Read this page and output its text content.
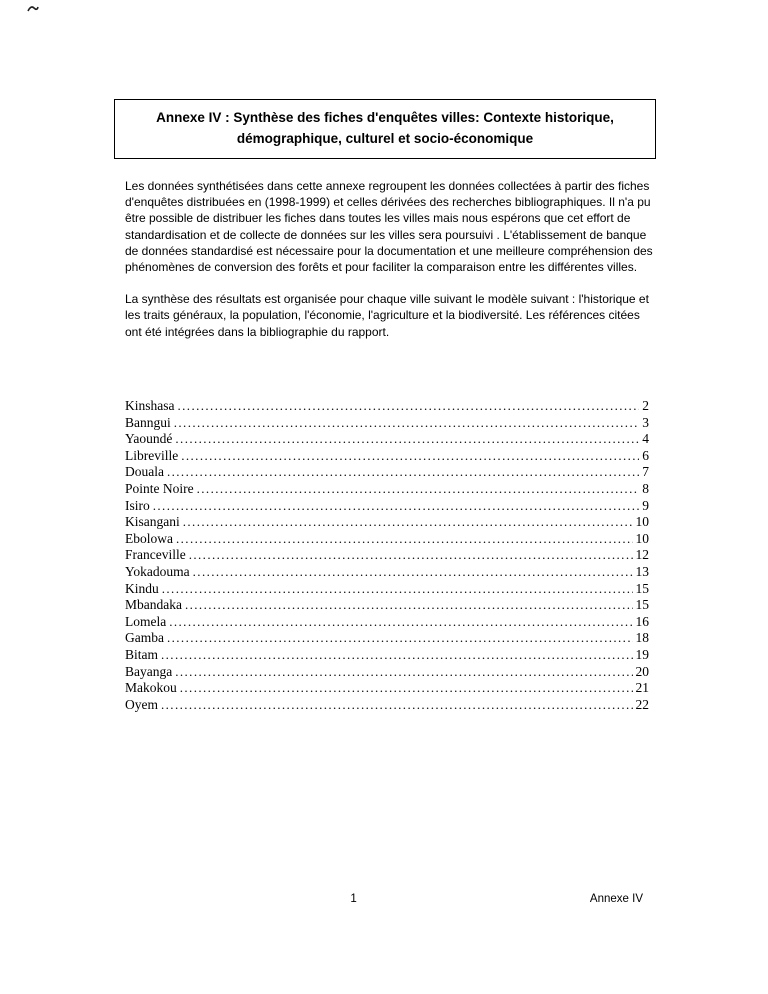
Annexe IV : Synthèse des fiches d'enquêtes villes: Contexte historique,
démographique, culturel et socio-économique

Les données synthétisées dans cette annexe regroupent les données collectées à partir des fiches d'enquêtes distribuées en (1998-1999) et celles dérivées des recherches bibliographiques. Il n'a pu être possible de distribuer les fiches dans toutes les villes mais nous espérons que cet effort de standardisation et de collecte de données sur les villes sera poursuivi . L'établissement de banque de données standardisé est nécessaire pour la documentation et une meilleure compréhension des phénomènes de conversion des forêts et pour faciliter la comparaison entre les différentes villes.

La synthèse des résultats est organisée pour chaque ville suivant le modèle suivant : l'historique et les traits généraux, la population, l'économie, l'agriculture et la biodiversité. Les références citées ont été intégrées dans la bibliographie du rapport.

Kinshasa .....	2
Banngui .....	3
Yaoundé .....	4
Libreville .....	6
Douala .....	7
Pointe Noire .....	8
Isiro .....	9
Kisangani .....	10
Ebolowa .....	10
Franceville .....	12
Yokadouma .....	13
Kindu .....	15
Mbandaka .....	15
Lomela .....	16
Gamba .....	18
Bitam .....	19
Bayanga .....	20
Makokou .....	21
Oyem .....	22
1	Annexe IV
